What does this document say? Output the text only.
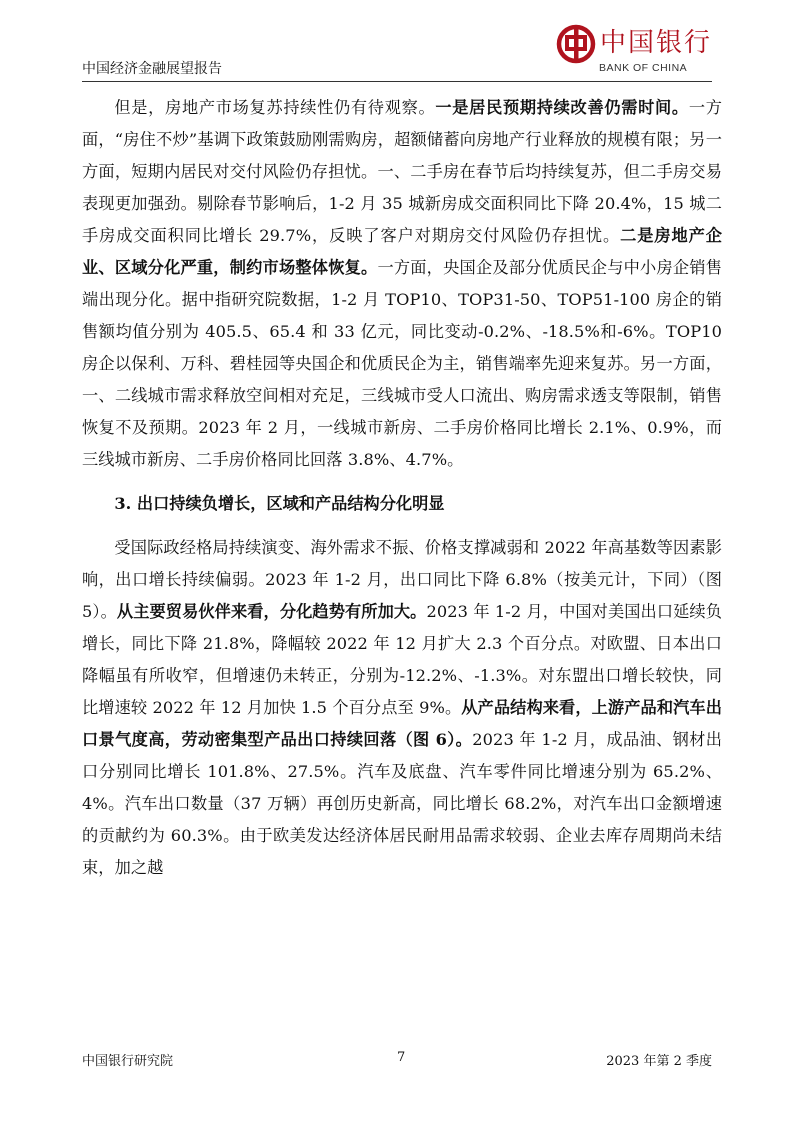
中国经济金融展望报告
中国银行
BANK OF CHINA

但是，房地产市场复苏持续性仍有待观察。一是居民预期持续改善仍需时间。一方面，“房住不炒”基调下政策鼓励刚需购房，超额储蓄向房地产行业释放的规模有限；另一方面，短期内居民对交付风险仍存担忧。一、二手房在春节后均持续复苏，但二手房交易表现更加强劲。剔除春节影响后，1-2 月 35 城新房成交面积同比下降 20.4%，15 城二手房成交面积同比增长 29.7%，反映了客户对期房交付风险仍存担忧。二是房地产企业、区域分化严重，制约市场整体恢复。一方面，央国企及部分优质民企与中小房企销售端出现分化。据中指研究院数据，1-2 月 TOP10、TOP31-50、TOP51-100 房企的销售额均值分别为 405.5、65.4 和 33 亿元，同比变动-0.2%、-18.5%和-6%。TOP10 房企以保利、万科、碧桂园等央国企和优质民企为主，销售端率先迎来复苏。另一方面，一、二线城市需求释放空间相对充足，三线城市受人口流出、购房需求透支等限制，销售恢复不及预期。2023 年 2 月，一线城市新房、二手房价格同比增长 2.1%、0.9%，而三线城市新房、二手房价格同比回落 3.8%、4.7%。

3. 出口持续负增长，区域和产品结构分化明显

受国际政经格局持续演变、海外需求不振、价格支撑减弱和 2022 年高基数等因素影响，出口增长持续偏弱。2023 年 1-2 月，出口同比下降 6.8%（按美元计，下同）（图 5）。从主要贸易伙伴来看，分化趋势有所加大。2023 年 1-2 月，中国对美国出口延续负增长，同比下降 21.8%，降幅较 2022 年 12 月扩大 2.3 个百分点。对欧盟、日本出口降幅虽有所收窄，但增速仍未转正，分别为-12.2%、-1.3%。对东盟出口增长较快，同比增速较 2022 年 12 月加快 1.5 个百分点至 9%。从产品结构来看，上游产品和汽车出口景气度高，劳动密集型产品出口持续回落（图 6）。2023 年 1-2 月，成品油、钢材出口分别同比增长 101.8%、27.5%。汽车及底盘、汽车零件同比增速分别为 65.2%、4%。汽车出口数量（37 万辆）再创历史新高，同比增长 68.2%，对汽车出口金额增速的贡献约为 60.3%。由于欧美发达经济体居民耐用品需求较弱、企业去库存周期尚未结束，加之越

中国银行研究院	7	2023 年第 2 季度
